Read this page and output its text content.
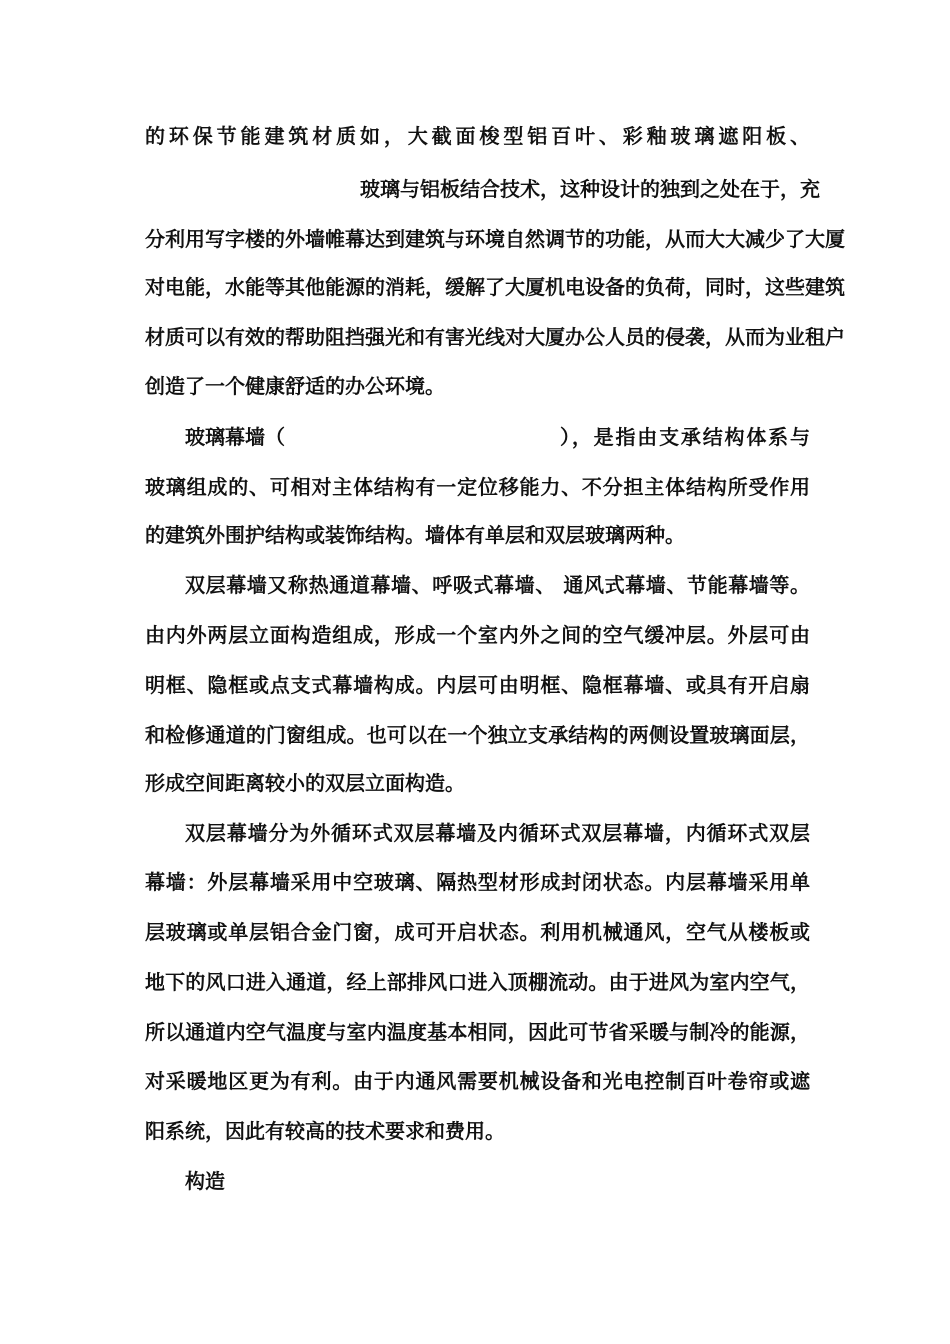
的环保节能建筑材质如，大截面梭型铝百叶、彩釉玻璃遮阳板、
玻璃与铝板结合技术，这种设计的独到之处在于，充
分利用写字楼的外墙帷幕达到建筑与环境自然调节的功能，从而大大减少了大厦
对电能，水能等其他能源的消耗，缓解了大厦机电设备的负荷，同时，这些建筑
材质可以有效的帮助阻挡强光和有害光线对大厦办公人员的侵袭，从而为业租户
创造了一个健康舒适的办公环境。
玻璃幕墙（	），是指由支承结构体系与
玻璃组成的、可相对主体结构有一定位移能力、不分担主体结构所受作用
的建筑外围护结构或装饰结构。墙体有单层和双层玻璃两种。
双层幕墙又称热通道幕墙、呼吸式幕墙、 通风式幕墙、节能幕墙等。
由内外两层立面构造组成，形成一个室内外之间的空气缓冲层。外层可由
明框、隐框或点支式幕墙构成。内层可由明框、隐框幕墙、或具有开启扇
和检修通道的门窗组成。也可以在一个独立支承结构的两侧设置玻璃面层，
形成空间距离较小的双层立面构造。
双层幕墙分为外循环式双层幕墙及内循环式双层幕墙，内循环式双层
幕墙：外层幕墙采用中空玻璃、隔热型材形成封闭状态。内层幕墙采用单
层玻璃或单层铝合金门窗，成可开启状态。利用机械通风，空气从楼板或
地下的风口进入通道，经上部排风口进入顶棚流动。由于进风为室内空气，
所以通道内空气温度与室内温度基本相同，因此可节省采暖与制冷的能源，
对采暖地区更为有利。由于内通风需要机械设备和光电控制百叶卷帘或遮
阳系统，因此有较高的技术要求和费用。
构造
